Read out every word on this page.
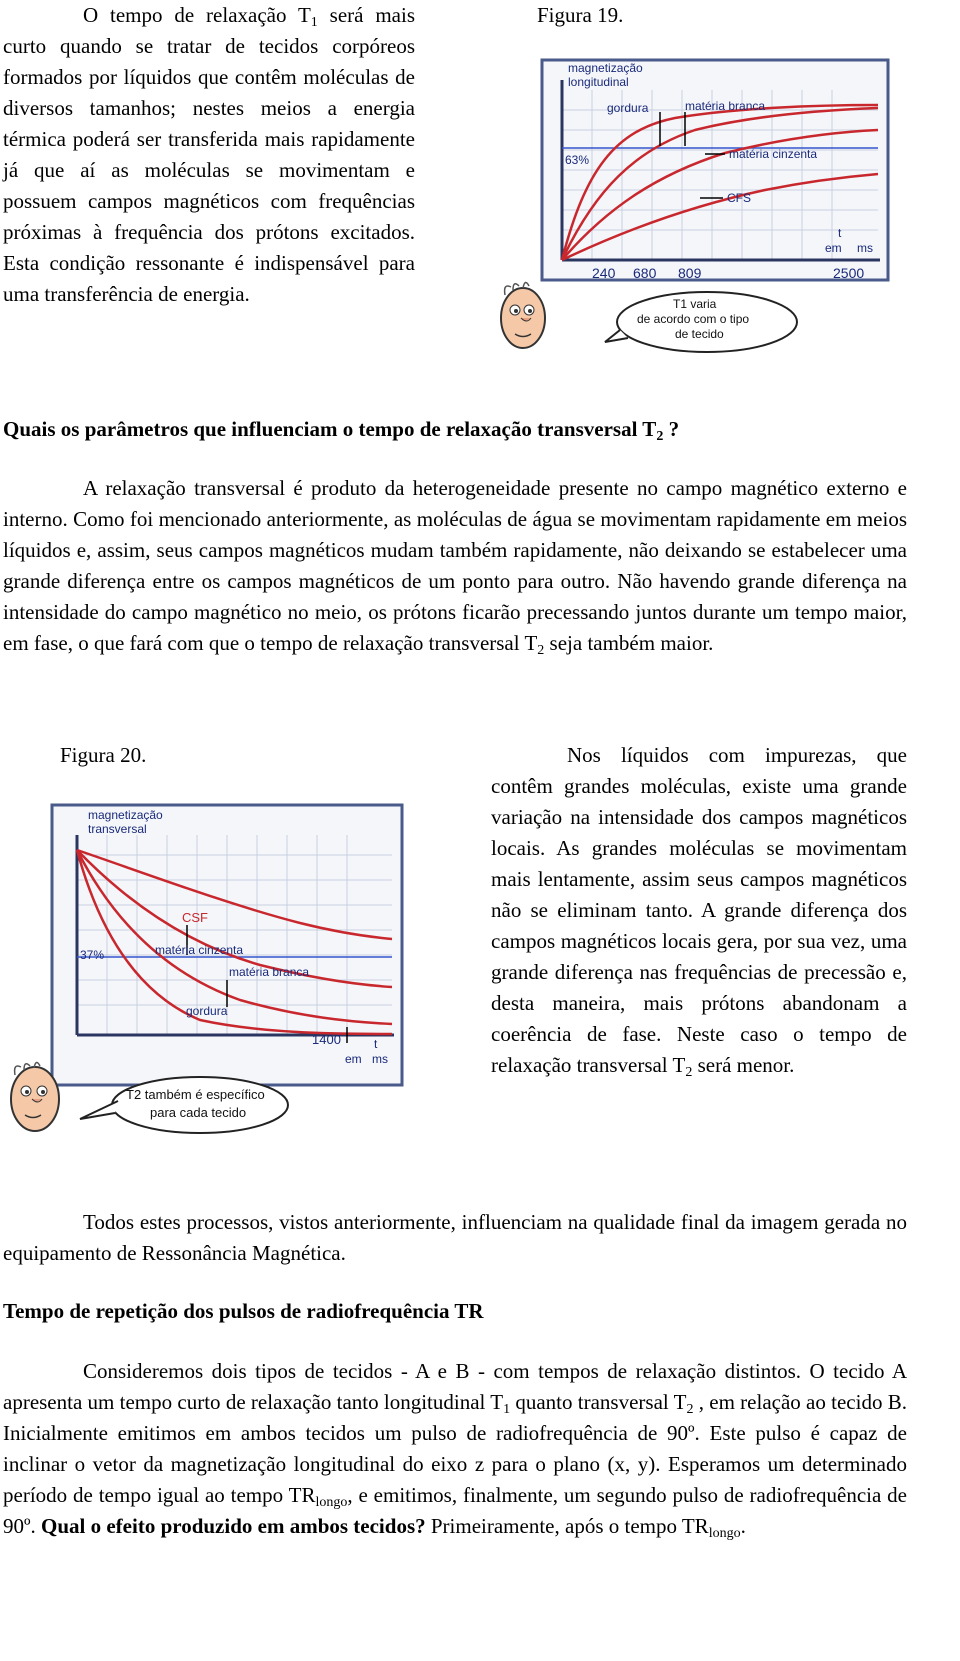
O tempo de relaxação $T_1$ será mais curto quando se tratar de tecidos corpóreos formados por líquidos que contêm moléculas de diversos tamanhos; nestes meios a energia térmica poderá ser transferida mais rapidamente já que aí as moléculas se movimentam e possuem campos magnéticos com frequências próximas à frequência dos prótons excitados. Esta condição ressonante é indispensável para uma transferência de energia.

Figura 19.

magnetização
longitudinal
gordura	matéria branca
matéria cinzenta
CFS
63%
t
em ms
240 680 809	2500
T1 varia
de acordo com o tipo
de tecido

Quais os parâmetros que influenciam o tempo de relaxação transversal $T_2$ ?

A relaxação transversal é produto da heterogeneidade presente no campo magnético externo e interno. Como foi mencionado anteriormente, as moléculas de água se movimentam rapidamente em meios líquidos e, assim, seus campos magnéticos mudam também rapidamente, não deixando se estabelecer uma grande diferença entre os campos magnéticos de um ponto para outro. Não havendo grande diferença na intensidade do campo magnético no meio, os prótons ficarão precessando juntos durante um tempo maior, em fase, o que fará com que o tempo de relaxação transversal $T_2$ seja também maior.

Figura 20.

magnetização
transversal
CSF
matéria cinzenta
matéria branca
gordura
37%
1400	t
em ms
T2 também é específico
para cada tecido

Nos líquidos com impurezas, que contêm grandes moléculas, existe uma grande variação na intensidade dos campos magnéticos locais. As grandes moléculas se movimentam mais lentamente, assim seus campos magnéticos não se eliminam tanto. A grande diferença dos campos magnéticos locais gera, por sua vez, uma grande diferença nas frequências de precessão e, desta maneira, mais prótons abandonam a coerência de fase. Neste caso o tempo de relaxação transversal $T_2$ será menor.

Todos estes processos, vistos anteriormente, influenciam na qualidade final da imagem gerada no equipamento de Ressonância Magnética.

Tempo de repetição dos pulsos de radiofrequência TR

Consideremos dois tipos de tecidos - A e B - com tempos de relaxação distintos. O tecido A apresenta um tempo curto de relaxação tanto longitudinal $T_1$ quanto transversal $T_2$ , em relação ao tecido B. Inicialmente emitimos em ambos tecidos um pulso de radiofrequência de 90º. Este pulso é capaz de inclinar o vetor da magnetização longitudinal do eixo z para o plano (x, y). Esperamos um determinado período de tempo igual ao tempo $TR_{longo}$, e emitimos, finalmente, um segundo pulso de radiofrequência de 90º. Qual o efeito produzido em ambos tecidos? Primeiramente, após o tempo $TR_{longo}$.
